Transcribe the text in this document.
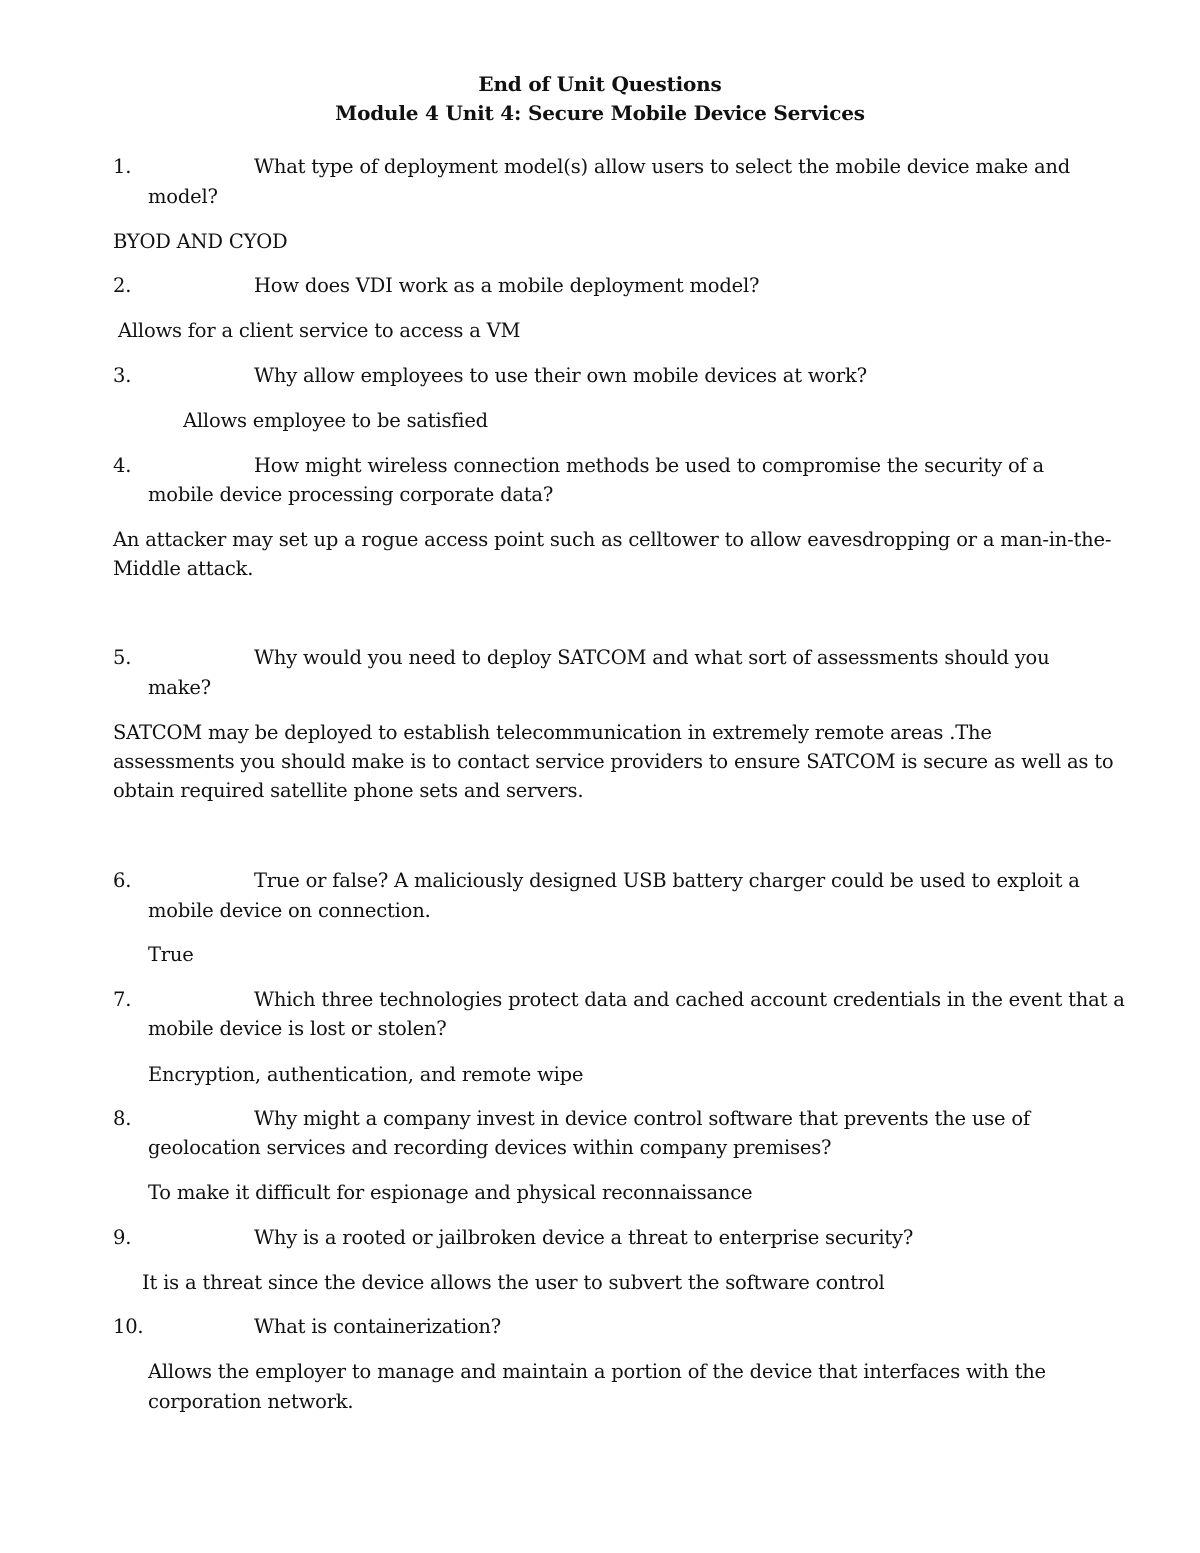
End of Unit Questions
Module 4 Unit 4: Secure Mobile Device Services
1.	What type of deployment model(s) allow users to select the mobile device make and
model?
BYOD AND CYOD
2.	How does VDI work as a mobile deployment model?
Allows for a client service to access a VM
3.	Why allow employees to use their own mobile devices at work?
Allows employee to be satisfied
4.	How might wireless connection methods be used to compromise the security of a
mobile device processing corporate data?
An attacker may set up a rogue access point such as celltower to allow eavesdropping or a man-in-the-
Middle attack.
5.	Why would you need to deploy SATCOM and what sort of assessments should you
make?
SATCOM may be deployed to establish telecommunication in extremely remote areas .The
assessments you should make is to contact service providers to ensure SATCOM is secure as well as to
obtain required satellite phone sets and servers.
6.	True or false? A maliciously designed USB battery charger could be used to exploit a
mobile device on connection.
True
7.	Which three technologies protect data and cached account credentials in the event that a
mobile device is lost or stolen?
Encryption, authentication, and remote wipe
8.	Why might a company invest in device control software that prevents the use of
geolocation services and recording devices within company premises?
To make it difficult for espionage and physical reconnaissance
9.	Why is a rooted or jailbroken device a threat to enterprise security?
It is a threat since the device allows the user to subvert the software control
10.	What is containerization?
Allows the employer to manage and maintain a portion of the device that interfaces with the
corporation network.
